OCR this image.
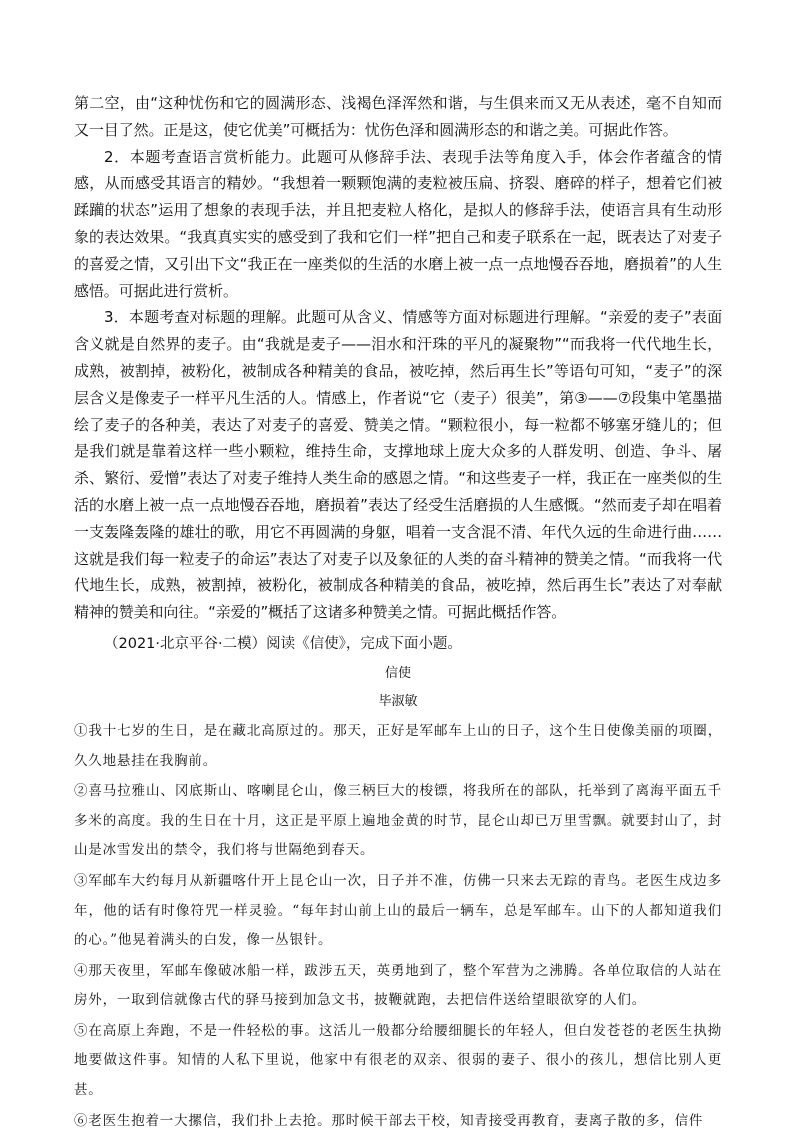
第二空，由“这种忧伤和它的圆满形态、浅褐色泽浑然和谐，与生俱来而又无从表述，毫不自知而又一目了然。正是这，使它优美”可概括为：忧伤色泽和圆满形态的和谐之美。可据此作答。

2．本题考查语言赏析能力。此题可从修辞手法、表现手法等角度入手，体会作者蕴含的情感，从而感受其语言的精妙。“我想着一颗颗饱满的麦粒被压扁、挤裂、磨碎的样子，想着它们被蹂躏的状态”运用了想象的表现手法，并且把麦粒人格化，是拟人的修辞手法，使语言具有生动形象的表达效果。“我真真实实的感受到了我和它们一样”把自己和麦子联系在一起，既表达了对麦子的喜爱之情，又引出下文“我正在一座类似的生活的水磨上被一点一点地慢吞吞地，磨损着”的人生感悟。可据此进行赏析。

3．本题考查对标题的理解。此题可从含义、情感等方面对标题进行理解。“亲爱的麦子”表面含义就是自然界的麦子。由“我就是麦子——泪水和汗珠的平凡的凝聚物”“而我将一代代地生长，成熟，被割掉，被粉化，被制成各种精美的食品，被吃掉，然后再生长”等语句可知，“麦子”的深层含义是像麦子一样平凡生活的人。情感上，作者说“它（麦子）很美”，第③——⑦段集中笔墨描绘了麦子的各种美，表达了对麦子的喜爱、赞美之情。“颗粒很小，每一粒都不够塞牙缝儿的；但是我们就是靠着这样一些小颗粒，维持生命，支撑地球上庞大众多的人群发明、创造、争斗、屠杀、繁衍、爱憎”表达了对麦子维持人类生命的感恩之情。“和这些麦子一样，我正在一座类似的生活的水磨上被一点一点地慢吞吞地，磨损着”表达了经受生活磨损的人生感慨。“然而麦子却在唱着一支轰隆轰隆的雄壮的歌，用它不再圆满的身躯，唱着一支含混不清、年代久远的生命进行曲……这就是我们每一粒麦子的命运”表达了对麦子以及象征的人类的奋斗精神的赞美之情。“而我将一代代地生长，成熟，被割掉，被粉化，被制成各种精美的食品，被吃掉，然后再生长”表达了对奉献精神的赞美和向往。“亲爱的”概括了这诸多种赞美之情。可据此概括作答。

（2021·北京平谷·二模）阅读《信使》，完成下面小题。

信使

毕淑敏

①我十七岁的生日，是在藏北高原过的。那天，正好是军邮车上山的日子，这个生日使像美丽的项圈，久久地悬挂在我胸前。

②喜马拉雅山、冈底斯山、喀喇昆仑山，像三柄巨大的梭镖，将我所在的部队，托举到了离海平面五千多米的高度。我的生日在十月，这正是平原上遍地金黄的时节，昆仑山却已万里雪飘。就要封山了，封山是冰雪发出的禁令，我们将与世隔绝到春天。

③军邮车大约每月从新疆喀什开上昆仑山一次，日子并不准，仿佛一只来去无踪的青鸟。老医生戍边多年，他的话有时像符咒一样灵验。“每年封山前上山的最后一辆车，总是军邮车。山下的人都知道我们的心。”他晃着满头的白发，像一丛银针。

④那天夜里，军邮车像破冰船一样，跋涉五天，英勇地到了，整个军营为之沸腾。各单位取信的人站在房外，一取到信就像古代的驿马接到加急文书，披鞭就跑，去把信件送给望眼欲穿的人们。

⑤在高原上奔跑，不是一件轻松的事。这活儿一般都分给腰细腿长的年轻人，但白发苍苍的老医生执拗地要做这件事。知情的人私下里说，他家中有很老的双亲、很弱的妻子、很小的孩儿，想信比别人更甚。

⑥老医生抱着一大摞信，我们扑上去抢。那时候干部去干校，知青接受再教育，妻离子散的多，信件
